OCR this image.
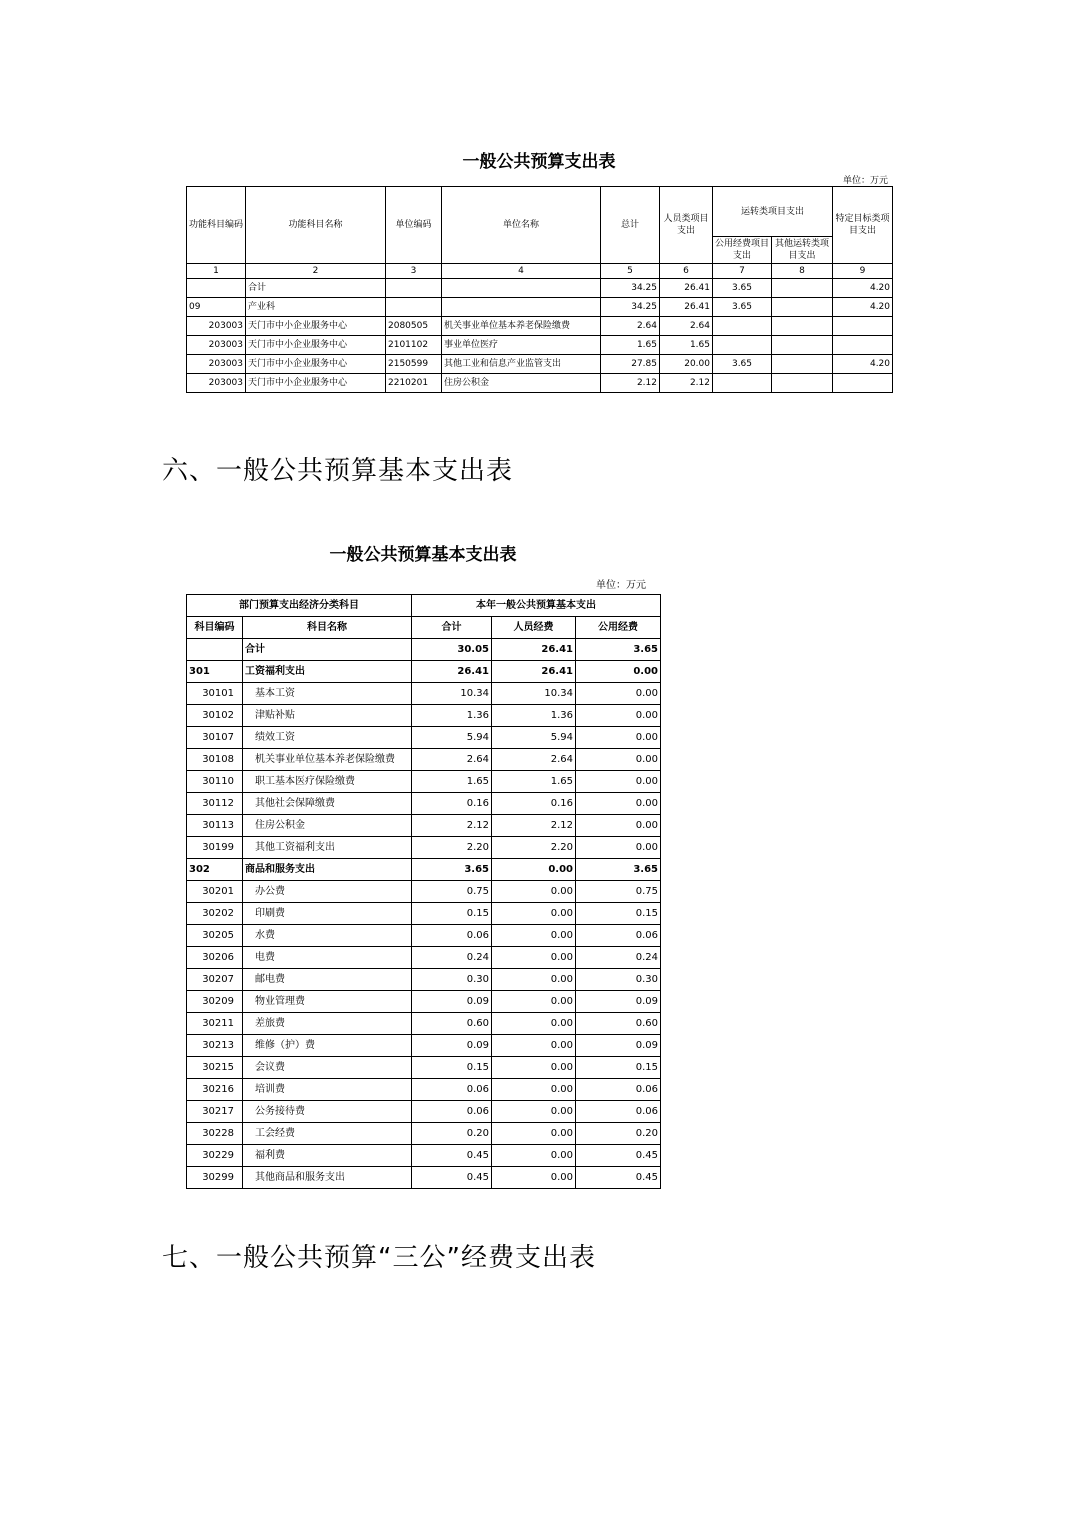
一般公共预算支出表
单位：万元
功能科目编码	功能科目名称	单位编码	单位名称	总计	人员类项目支出	运转类项目支出		特定目标类项目支出
						公用经费项目支出	其他运转类项目支出	
1	2	3	4	5	6	7	8	9
	合计			34.25	26.41	3.65		4.20
09	产业科			34.25	26.41	3.65		4.20
203003	天门市中小企业服务中心	2080505	机关事业单位基本养老保险缴费	2.64	2.64			
203003	天门市中小企业服务中心	2101102	事业单位医疗	1.65	1.65			
203003	天门市中小企业服务中心	2150599	其他工业和信息产业监管支出	27.85	20.00	3.65		4.20
203003	天门市中小企业服务中心	2210201	住房公积金	2.12	2.12			
六、一般公共预算基本支出表
一般公共预算基本支出表
单位：万元
部门预算支出经济分类科目		本年一般公共预算基本支出		
科目编码	科目名称	合计	人员经费	公用经费
	合计	30.05	26.41	3.65
301	工资福利支出	26.41	26.41	0.00
30101	基本工资	10.34	10.34	0.00
30102	津贴补贴	1.36	1.36	0.00
30107	绩效工资	5.94	5.94	0.00
30108	机关事业单位基本养老保险缴费	2.64	2.64	0.00
30110	职工基本医疗保险缴费	1.65	1.65	0.00
30112	其他社会保障缴费	0.16	0.16	0.00
30113	住房公积金	2.12	2.12	0.00
30199	其他工资福利支出	2.20	2.20	0.00
302	商品和服务支出	3.65	0.00	3.65
30201	办公费	0.75	0.00	0.75
30202	印刷费	0.15	0.00	0.15
30205	水费	0.06	0.00	0.06
30206	电费	0.24	0.00	0.24
30207	邮电费	0.30	0.00	0.30
30209	物业管理费	0.09	0.00	0.09
30211	差旅费	0.60	0.00	0.60
30213	维修（护）费	0.09	0.00	0.09
30215	会议费	0.15	0.00	0.15
30216	培训费	0.06	0.00	0.06
30217	公务接待费	0.06	0.00	0.06
30228	工会经费	0.20	0.00	0.20
30229	福利费	0.45	0.00	0.45
30299	其他商品和服务支出	0.45	0.00	0.45
七、一般公共预算“三公”经费支出表
